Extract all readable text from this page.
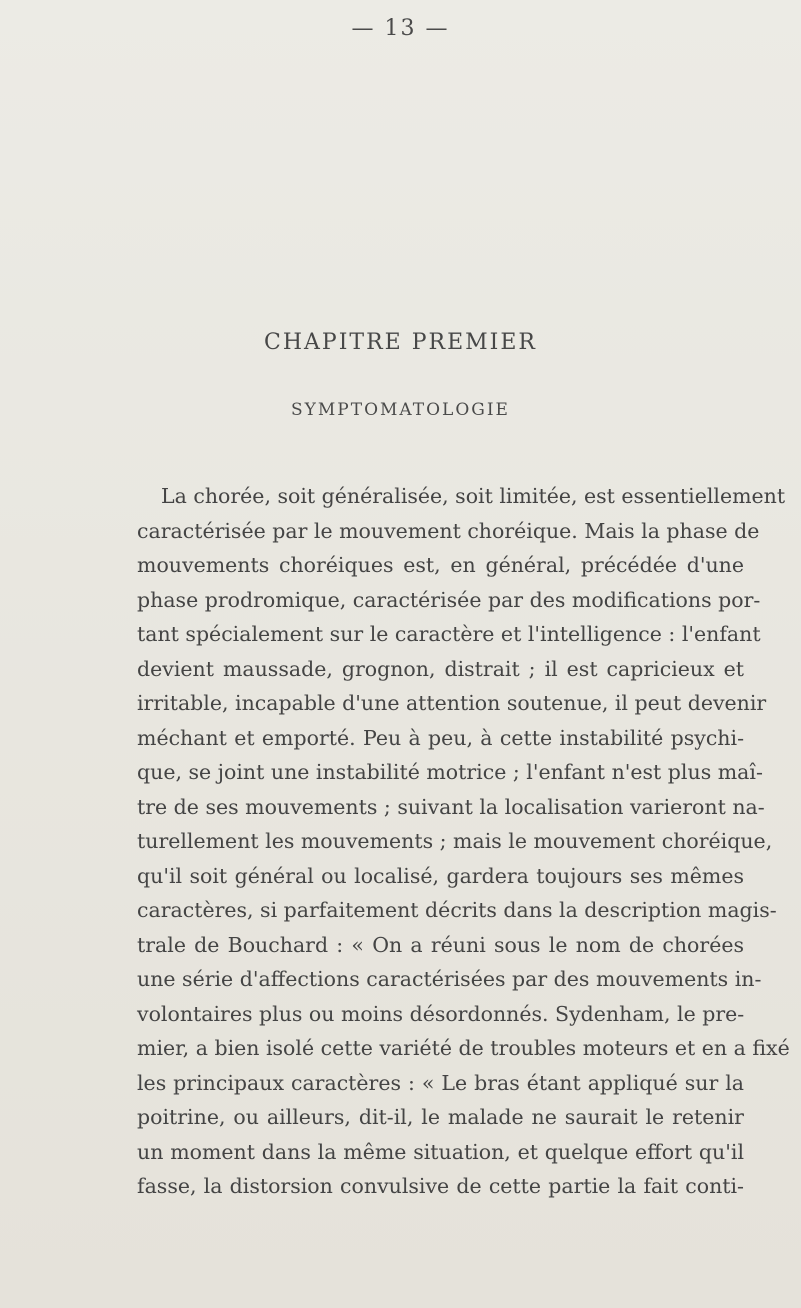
— 13 —
CHAPITRE PREMIER
SYMPTOMATOLOGIE
La chorée, soit généralisée, soit limitée, est essentiellement
caractérisée par le mouvement choréique. Mais la phase de
mouvements choréiques est, en général, précédée d'une
phase prodromique, caractérisée par des modifications por-
tant spécialement sur le caractère et l'intelligence : l'enfant
devient maussade, grognon, distrait ; il est capricieux et
irritable, incapable d'une attention soutenue, il peut devenir
méchant et emporté. Peu à peu, à cette instabilité psychi-
que, se joint une instabilité motrice ; l'enfant n'est plus maî-
tre de ses mouvements ; suivant la localisation varieront na-
turellement les mouvements ; mais le mouvement choréique,
qu'il soit général ou localisé, gardera toujours ses mêmes
caractères, si parfaitement décrits dans la description magis-
trale de Bouchard : « On a réuni sous le nom de chorées
une série d'affections caractérisées par des mouvements in-
volontaires plus ou moins désordonnés. Sydenham, le pre-
mier, a bien isolé cette variété de troubles moteurs et en a fixé
les principaux caractères : « Le bras étant appliqué sur la
poitrine, ou ailleurs, dit-il, le malade ne saurait le retenir
un moment dans la même situation, et quelque effort qu'il
fasse, la distorsion convulsive de cette partie la fait conti-
